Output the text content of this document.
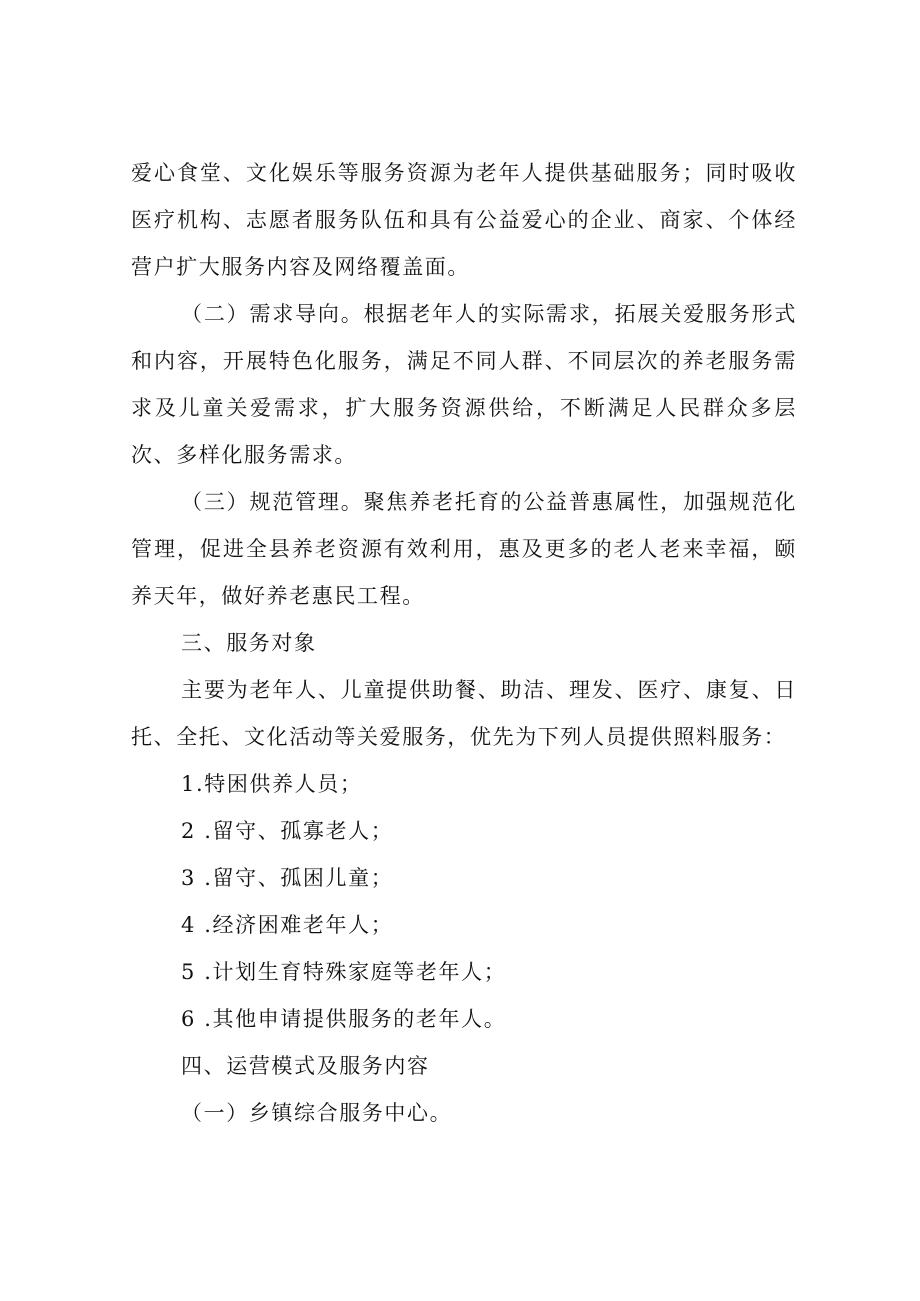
爱心食堂、文化娱乐等服务资源为老年人提供基础服务；同时吸收医疗机构、志愿者服务队伍和具有公益爱心的企业、商家、个体经营户扩大服务内容及网络覆盖面。

（二）需求导向。根据老年人的实际需求，拓展关爱服务形式和内容，开展特色化服务，满足不同人群、不同层次的养老服务需求及儿童关爱需求，扩大服务资源供给，不断满足人民群众多层次、多样化服务需求。

（三）规范管理。聚焦养老托育的公益普惠属性，加强规范化管理，促进全县养老资源有效利用，惠及更多的老人老来幸福，颐养天年，做好养老惠民工程。

三、服务对象

主要为老年人、儿童提供助餐、助洁、理发、医疗、康复、日托、全托、文化活动等关爱服务，优先为下列人员提供照料服务：

1.特困供养人员；

2 .留守、孤寡老人；

3 .留守、孤困儿童；

4 .经济困难老年人；

5 .计划生育特殊家庭等老年人；

6 .其他申请提供服务的老年人。

四、运营模式及服务内容

（一）乡镇综合服务中心。
